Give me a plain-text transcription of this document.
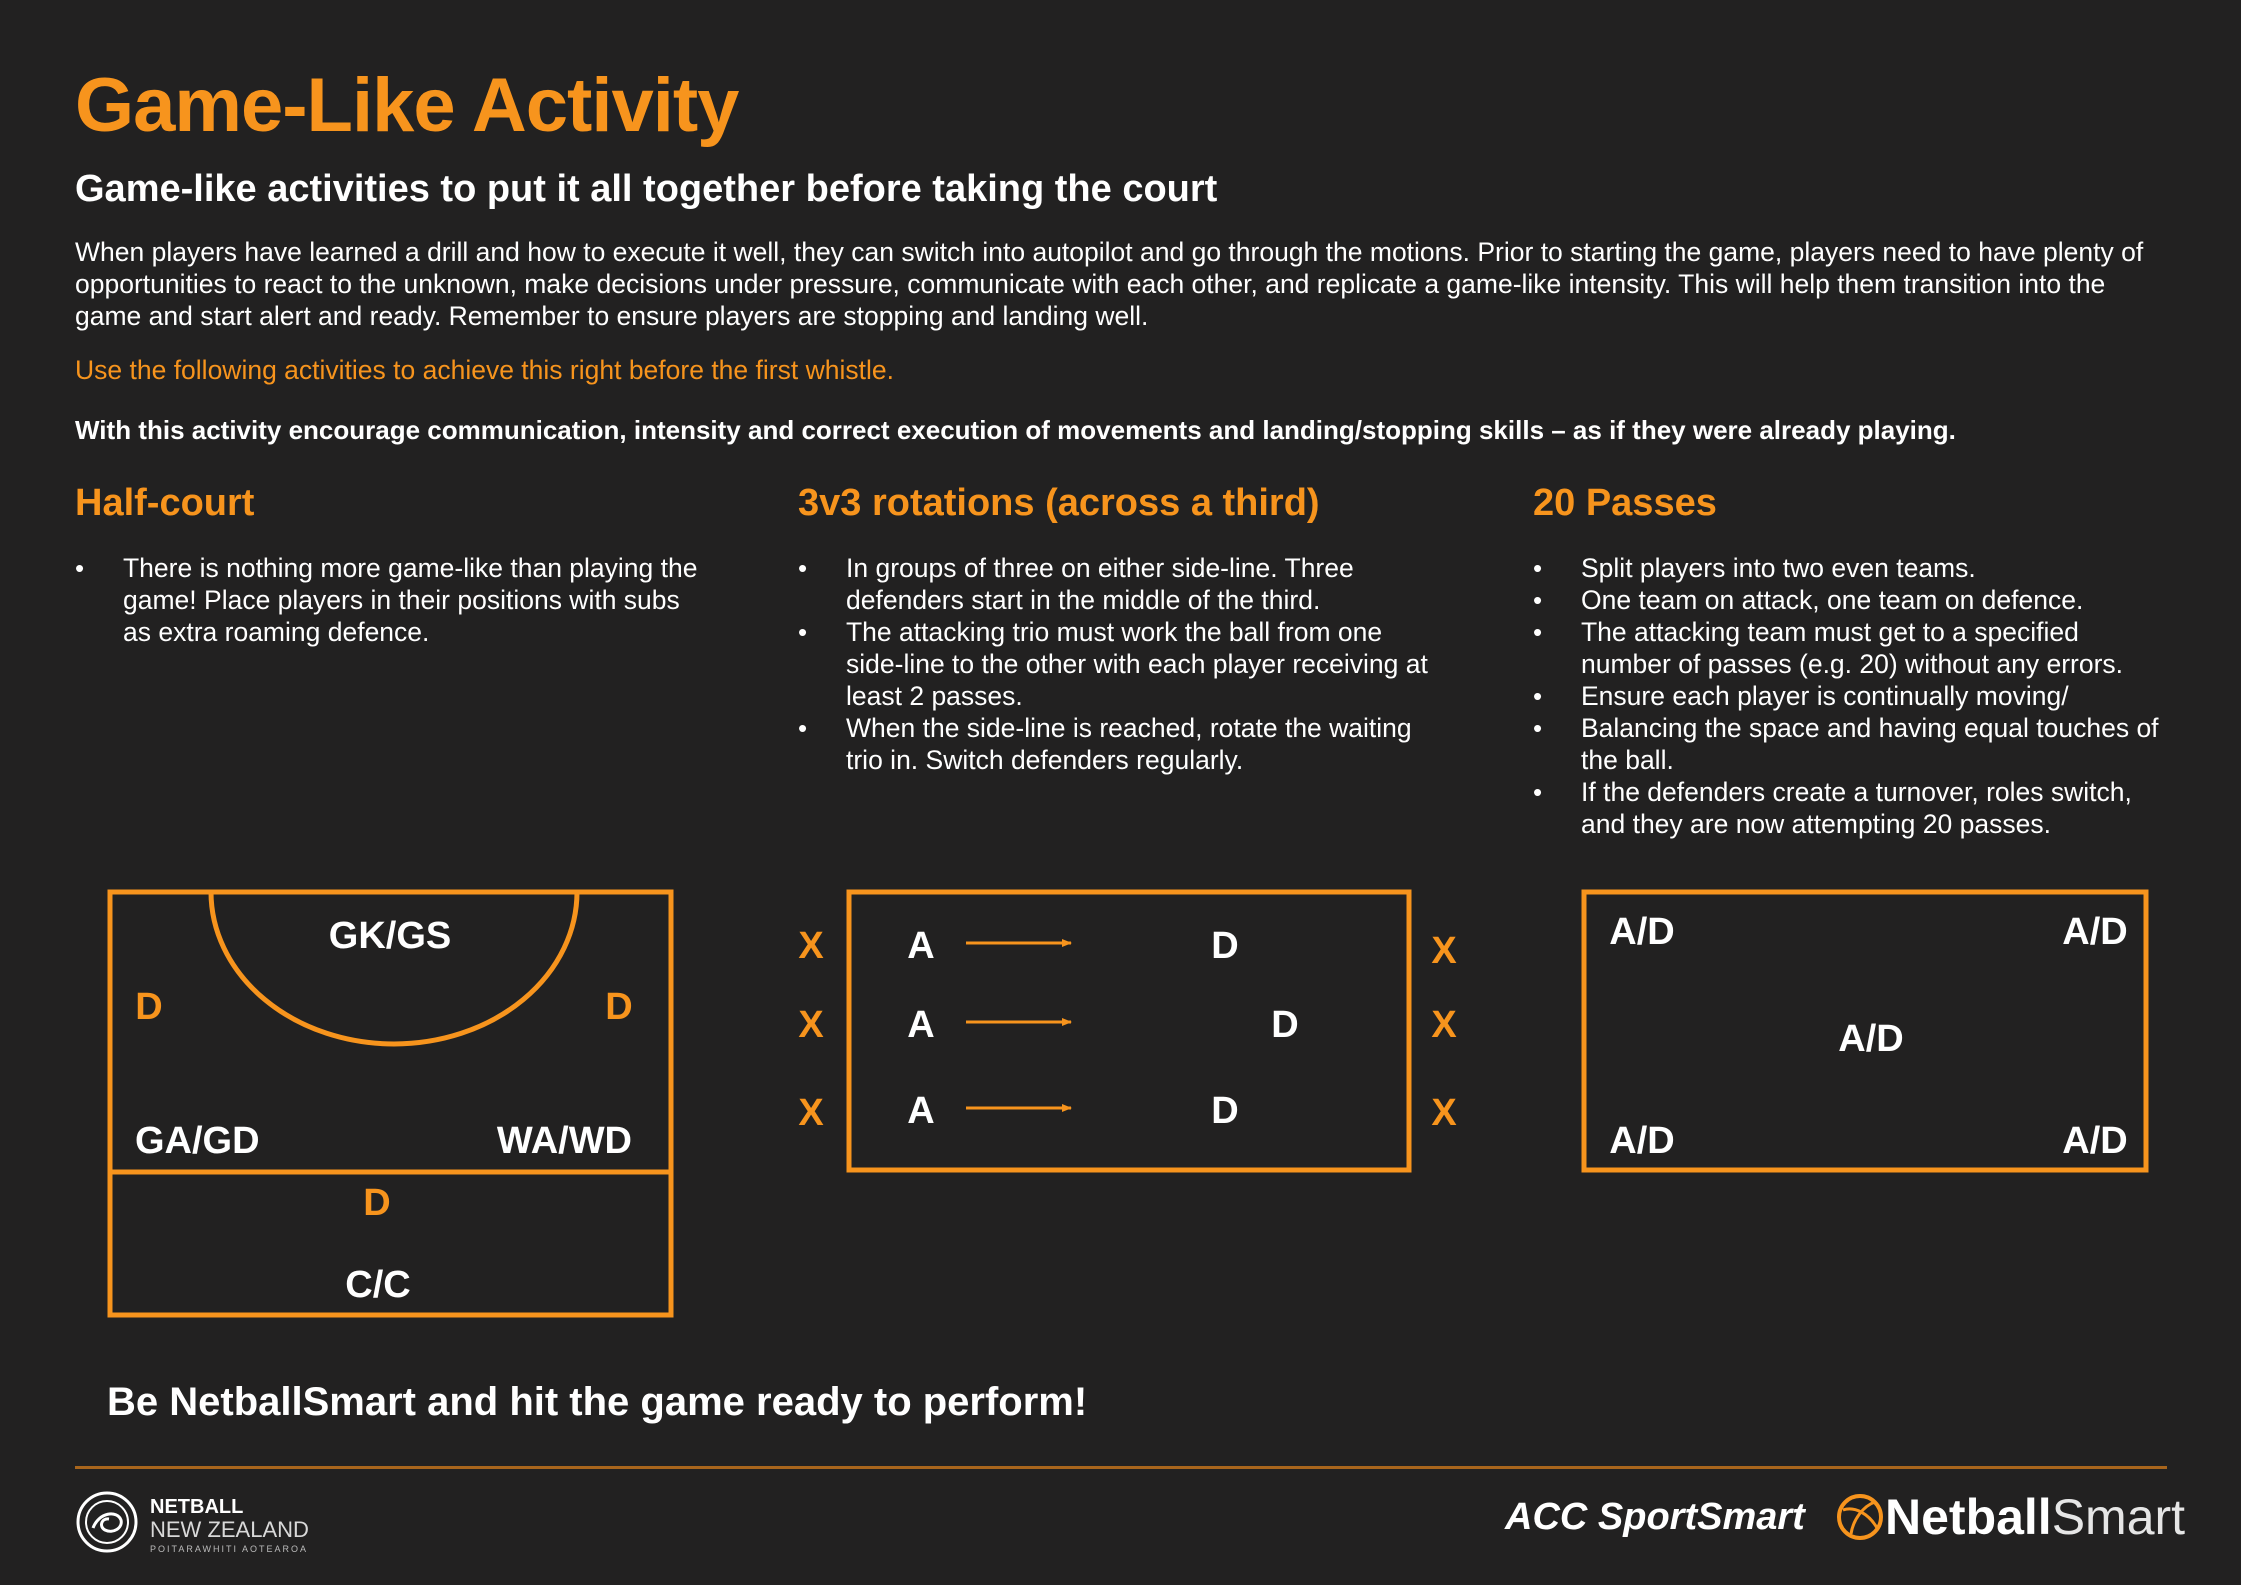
Game-Like Activity
Game-like activities to put it all together before taking the court

When players have learned a drill and how to execute it well, they can switch into autopilot and go through the motions. Prior to starting the game, players need to have plenty of opportunities to react to the unknown, make decisions under pressure, communicate with each other, and replicate a game-like intensity. This will help them transition into the game and start alert and ready. Remember to ensure players are stopping and landing well.

Use the following activities to achieve this right before the first whistle.

With this activity encourage communication, intensity and correct execution of movements and landing/stopping skills – as if they were already playing.

Half-court
• There is nothing more game-like than playing the game! Place players in their positions with subs as extra roaming defence.
3v3 rotations (across a third)
• In groups of three on either side-line. Three defenders start in the middle of the third.
• The attacking trio must work the ball from one side-line to the other with each player receiving at least 2 passes.
• When the side-line is reached, rotate the waiting trio in. Switch defenders regularly.
20 Passes
• Split players into two even teams.
• One team on attack, one team on defence.
• The attacking team must get to a specified number of passes (e.g. 20) without any errors.
• Ensure each player is continually moving/
• Balancing the space and having equal touches of the ball.
• If the defenders create a turnover, roles switch, and they are now attempting 20 passes.
GK/GS
D	D
GA/GD	WA/WD
D
C/C
X
X
X
A
A
A
D
D
D
X
X
X
A/D	A/D
A/D
A/D	A/D

Be NetballSmart and hit the game ready to perform!

NETBALL
NEW ZEALAND
POITARAWHITI AOTEAROA

ACC SportSmart NetballSmart
